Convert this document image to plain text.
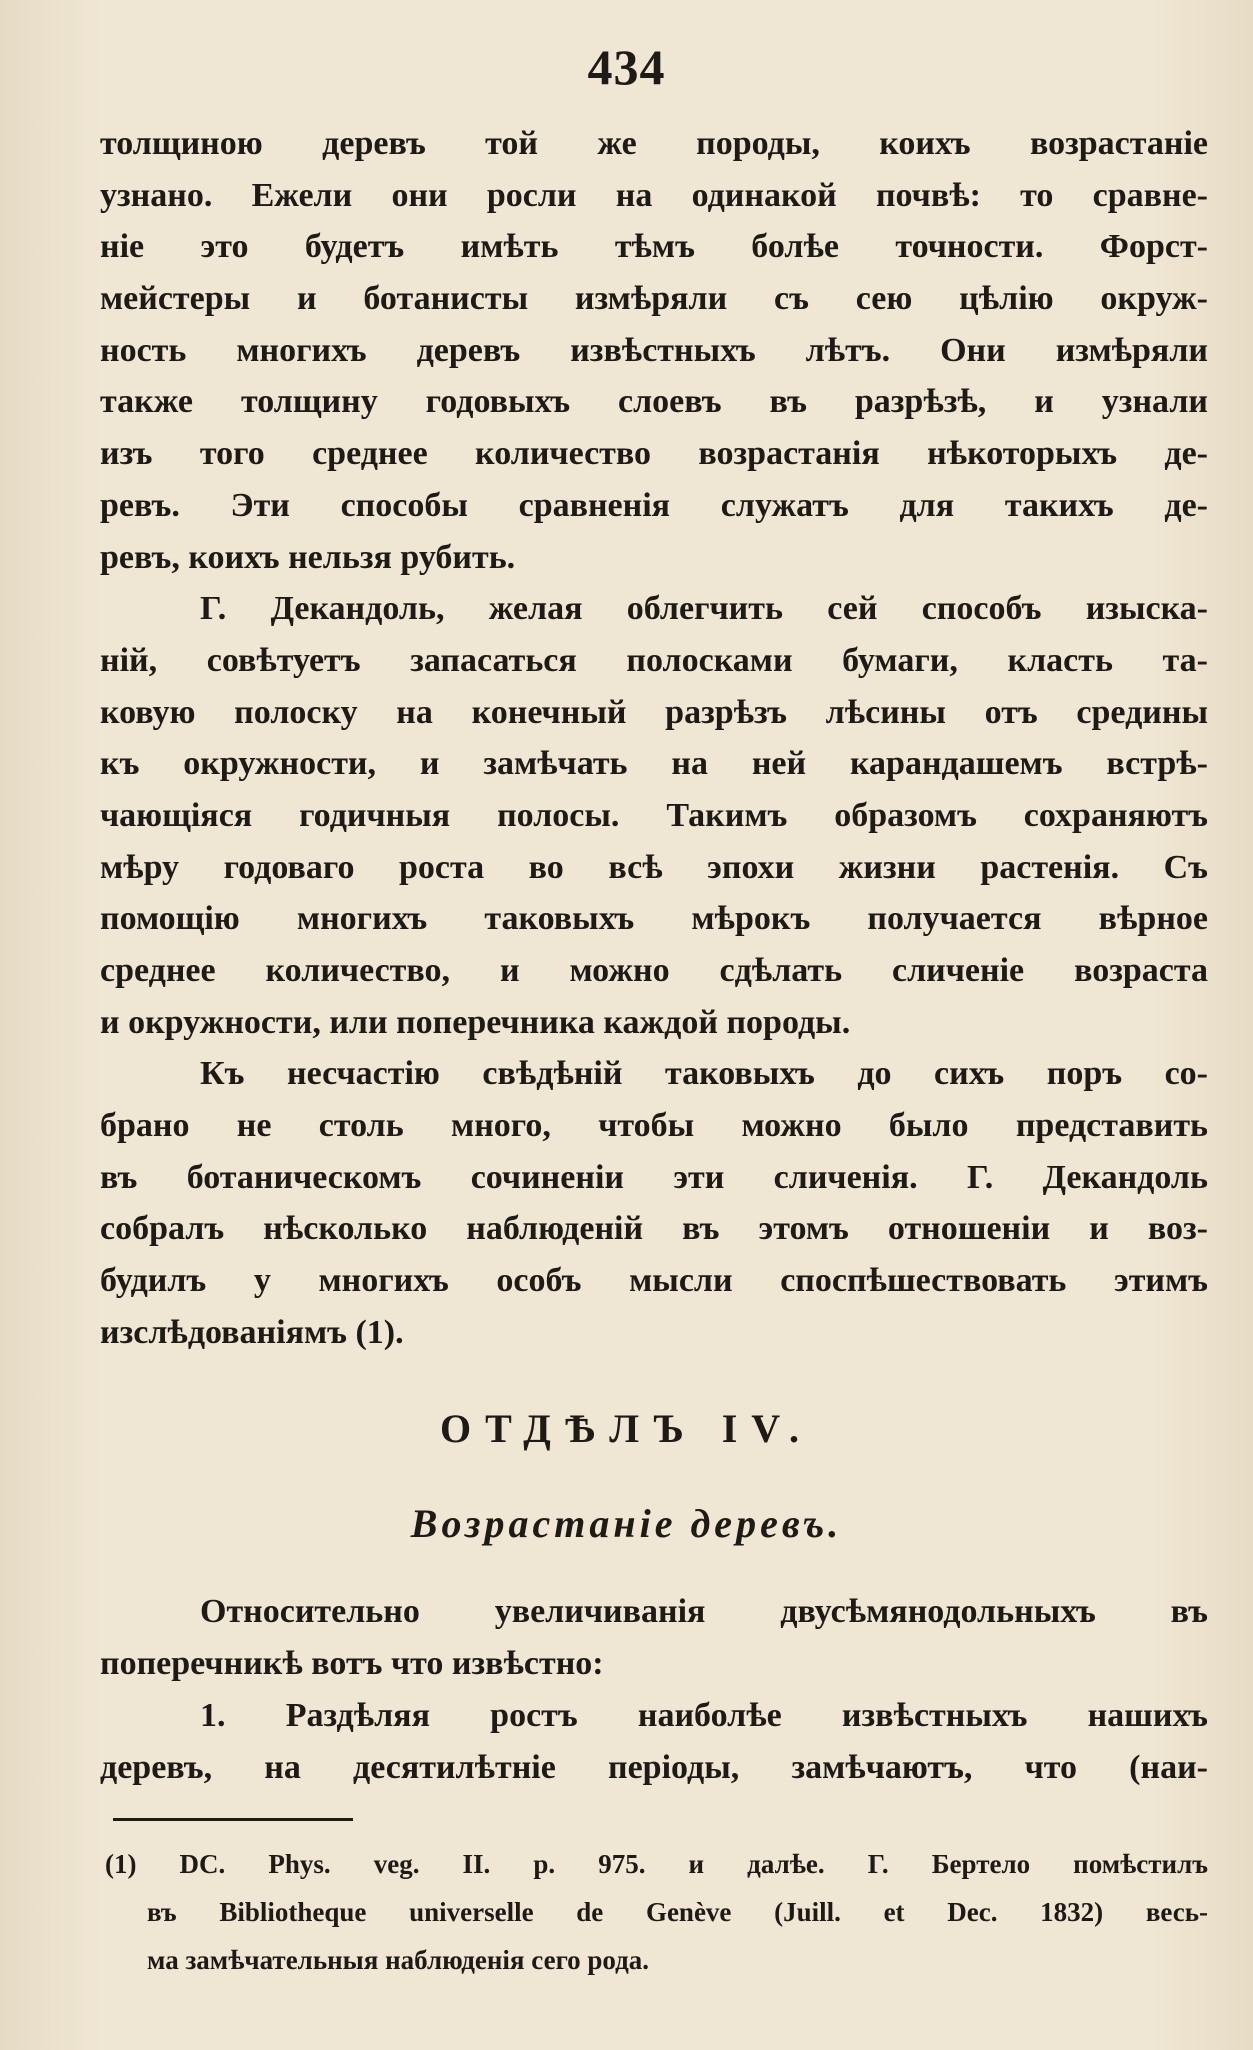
434
толщиною деревъ той же породы, коихъ возрастаніе
узнано. Ежели они росли на одинакой почвѣ: то сравне-
ніе это будетъ имѣть тѣмъ болѣе точности. Форст-
мейстеры и ботанисты измѣряли съ сею цѣлію окруж-
ность многихъ деревъ извѣстныхъ лѣтъ. Они измѣряли
также толщину годовыхъ слоевъ въ разрѣзѣ, и узнали
изъ того среднее количество возрастанія нѣкоторыхъ де-
ревъ. Эти способы сравненія служатъ для такихъ де-
ревъ, коихъ нельзя рубить.
Г. Декандоль, желая облегчить сей способъ изыска-
ній, совѣтуетъ запасаться полосками бумаги, класть та-
ковую полоску на конечный разрѣзъ лѣсины отъ средины
къ окружности, и замѣчать на ней карандашемъ встрѣ-
чающіяся годичныя полосы. Такимъ образомъ сохраняютъ
мѣру годоваго роста во всѣ эпохи жизни растенія. Съ
помощію многихъ таковыхъ мѣрокъ получается вѣрное
среднее количество, и можно сдѣлать сличеніе возраста
и окружности, или поперечника каждой породы.
Къ несчастію свѣдѣній таковыхъ до сихъ поръ со-
брано не столь много, чтобы можно было представить
въ ботаническомъ сочиненіи эти сличенія. Г. Декандоль
собралъ нѣсколько наблюденій въ этомъ отношеніи и воз-
будилъ у многихъ особъ мысли споспѣшествовать этимъ
изслѣдованіямъ (1).
ОТДѢЛЪ IV.
Возрастаніе деревъ.
Относительно увеличиванія двусѣмянодольныхъ въ
поперечникѣ вотъ что извѣстно:
1. Раздѣляя ростъ наиболѣе извѣстныхъ нашихъ
деревъ, на десятилѣтніе періоды, замѣчаютъ, что (наи-
(1) DC. Phys. veg. II. p. 975. и далѣе. Г. Бертело помѣстилъ
въ Bibliotheque universelle de Genève (Juill. et Dec. 1832) весь-
ма замѣчательныя наблюденія сего рода.
